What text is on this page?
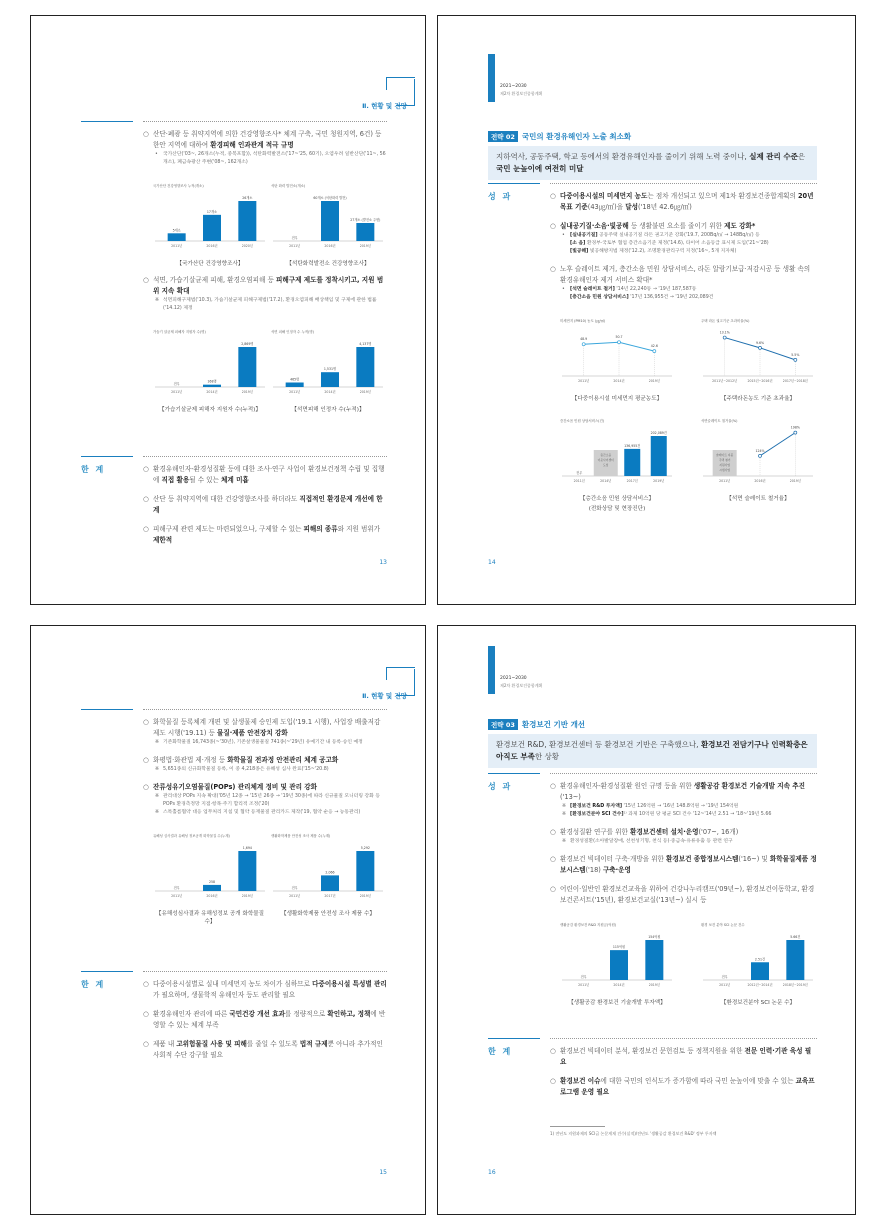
Ⅱ. 현황 및 전망
○ 산단·폐광 등 취약지역에 의한 건강영향조사* 체계 구축, 국민 청원지역, 6건) 등 한안 지역에 대하여 환경피해 인과관계 적극 규명
• 국가산단('03~, 26개소(누적, 중복포함)), 석탄화력발전소('17~'25, 60기), 오염우려 일반산단('11~, 56개소), 폐금속광산 주변('08~, 162개소)
국가산단 건강영향조사 누적(개소)
2011년	2016년	2020년
5개소
17개소
26개소
【국가산단 건강영향조사】
석탄 화력 발전소(개소)
2011년	2016년	2019년
전무
60개소 (석탄화력 발전)
27개소 (발전소 주변)
【석탄화력발전소 건강영향조사】
○ 석면, 가습기살균제 피해, 환경오염피해 등 피해구제 제도를 정착시키고, 지원 범위 지속 확대
※ 석면피해구제법('10.3), 가습기살균제 피해구제법('17.2), 환경오염피해 배상책임 및 구제에 관한 법률('14.12) 제정
가습기 살균제 피해자 지원자 수(명)
2011년	2014년	2019년
전무
168명
2,869명
【가습기살균제 피해자 지원자 수(누적)】
석면 피해 인정자 수 누적(명)
2011년	2014년	2019년
465명
1,531명
4,137명
【석면피해 인정자 수(누적)】
한 계	○ 환경유해인자-환경성질환 등에 대한 조사·연구 사업이 환경보건정책 수립 및 집행에 직접 활용될 수 있는 체계 미흡
○ 산단 등 취약지역에 대한 건강영향조사를 하더라도 직접적인 환경문제 개선에 한계
○ 피해구제 관련 제도는 마련되었으나, 구제할 수 있는 피해의 종류와 지원 범위가 제한적
13
2021~2030
제2차 환경보건종합계획
전략 02 국민의 환경유해인자 노출 최소화
지하역사, 공동주택, 학교 등에서의 환경유해인자를 줄이기 위해 노력 중이나, 실제 관리 수준은 국민 눈높이에 여전히 미달
성 과	○ 다중이용시설의 미세먼지 농도는 점차 개선되고 있으며 제1차 환경보건종합계획의 20년 목표 기준(43㎍/㎥)을 달성('18년 42.6㎍/㎥)
○ 실내공기질·소음·빛공해 등 생활불편 요소를 줄이기 위한 제도 강화*
• [실내공기질] 공동주택 실내공기질 라돈 권고기준 강화('19.7, 200Bq/㎥ → 148Bq/㎥) 등
[소 음] 환경부·국토부 협업 층간소음기준 제정('14.6), 타이어 소음등급 표시제 도입('21~'28)
[빛공해] 빛공해방지법 제정('12.2), 조명환경관리구역 지정('16~, 5개 지자체)
○ 노후 슬레이트 제거, 층간소음 민원 상담서비스, 라돈 알람기보급·저감시공 등 생활 속의 환경유해인자 제거 서비스 확대*
• [석면 슬레이트 철거] '14년 22,240동 → '19년 187,587동
[층간소음 민원 상담서비스] '17년 136,955건 → '19년 202,089건
미세먼지 (PM10) 농도 (㎍/㎥)
2011년	2014년	2019년
48.9	50.7
42.6
【다중이용시설 미세먼지 평균농도】
주택 라돈 권고기준 초과비율(%)
2011년~2012년	2015년~2016년	2017년~2018년
13.1%
9.6%
5.5%
【주택라돈농도 기준 초과율】
층간소음 민원 상담서비스(건)
2011년	2014년	2017년	2019년
층간소음
이웃사이센터
도입
전무
136,955건
202,089건
【층간소음 민원 상담서비스】
(전화상담 및 현장진단)
석면슬레이트 철거율(%)
2011년	2016년	2019년
슬레이트 지붕
주택 철거
지원사업
시범사업
124%
198%
【석면 슬레이트 철거율】
14
Ⅱ. 현황 및 전망
○ 화학물질 등록체계 개편 및 살생물제 승인제 도입('19.1 시행), 사업장 배출저감 제도 시행('19.11) 등 물질·제품 안전장치 강화
※ 기존화학물질 16,743종(~'30년), 기존살생물물질 741종(~'29년) 유예기간 내 등록·승인 예정
○ 화평법·화관법 제·개정 등 화학물질 전과정 안전관리 체계 공고화
※ 5,651종의 신규화학물질 등록, 이 중 4,218종은 유해성 심사 완료('15~'20.8)
○ 잔류성유기오염물질(POPs) 관리체계 정비 및 관리 강화
※ 관리대상 POPs 지속 확대('05년 12종 → '15년 26종 → '19년 30종)에 따라 신규물질 모니터링 강화 등 POPs 환경측정망 지점·항목·주기 합리적 조정('20)
※ 스톡홀름협약 대응 업무처리 지침 및 협약 등재물질 관리카드 제작('19, 협약 순응 → 능동관리)
유해성 심사결과 유해성 정보공개 화학물질 수(누계)
2011년	2016년	2019년
전무
258
1,694
【유해성심사결과 유해성정보 공개 화학물질 수】
생활화학제품 안전성 조사 제품 수(누계)
2011년	2017년	2019년
전무
2,066
5,292
【생활화학제품 안전성 조사 제품 수】
한 계	○ 다중이용시설별로 실내 미세먼지 농도 차이가 심하므로 다중이용시설 특성별 관리가 필요하며, 생물학적 유해인자 등도 관리할 필요
○ 환경유해인자 관리에 따른 국민건강 개선 효과를 정량적으로 확인하고, 정책에 반영할 수 있는 체계 부족
○ 제품 내 고위험물질 사용 및 피해를 줄일 수 있도록 법적 규제뿐 아니라 추가적인 사회적 수단 강구할 필요
15
2021~2030
제2차 환경보건종합계획
전략 03 환경보건 기반 개선
환경보건 R&D, 환경보건센터 등 환경보건 기반은 구축했으나, 환경보건 전담기구나 인력확충은 아직도 부족한 상황
성 과	○ 환경유해인자-환경성질환 원인 규명 등을 위한 생활공감 환경보건 기술개발 지속 추진('13~)
※ [환경보건 R&D 투자액] '15년 126억원 → '16년 148.8억원 → '19년 154억원
※ [환경보건분야 SCI 건수]¹⁾ 과제 10억원 당 평균 SCI 건수 '12~'14년 2.51 → '18~'19년 5.66
○ 환경성질환 연구를 위한 환경보건센터 설치·운영('07~, 16개)
※ 환경성질환(소아발달장애, 선천성기형, 천식 등)·중금속·유류유출 등 관련 연구
○ 환경보건 빅데이터 구축·개방을 위한 환경보건 종합정보시스템('16~) 및 화학물질제품 정보시스템('18) 구축·운영
○ 어린이·일반인 환경보건교육을 위하여 건강나누리캠프('09년~), 환경보건이동학교, 환경보건콘서트('15년), 환경보건교실('13년~) 실시 등
생활공감 환경보건 R&D 지원금(억원)
2011년	2014년	2019년
전무
115억원
154억원
【생활공감 환경보건 기술개발 투자액】
환경 보건 분야 SCI 논문 건수
2011년	2012년~2014년	2018년~2019년
전무
2.51건
5.66건
【환경보건분야 SCI 논문 수】
한 계	○ 환경보건 빅데이터 분석, 환경보건 문헌검토 등 정책지원을 위한 전문 인력·기관 육성 필요
○ 환경보건 이슈에 대한 국민의 인식도가 증가함에 따라 국민 눈높이에 맞출 수 있는 교육프로그램 운영 필요
1) 전년도 지원과제의 SCI급 논문게재 건수(실적)/전년도 '생활공감 환경보건 R&D' 정부 투자액
16
